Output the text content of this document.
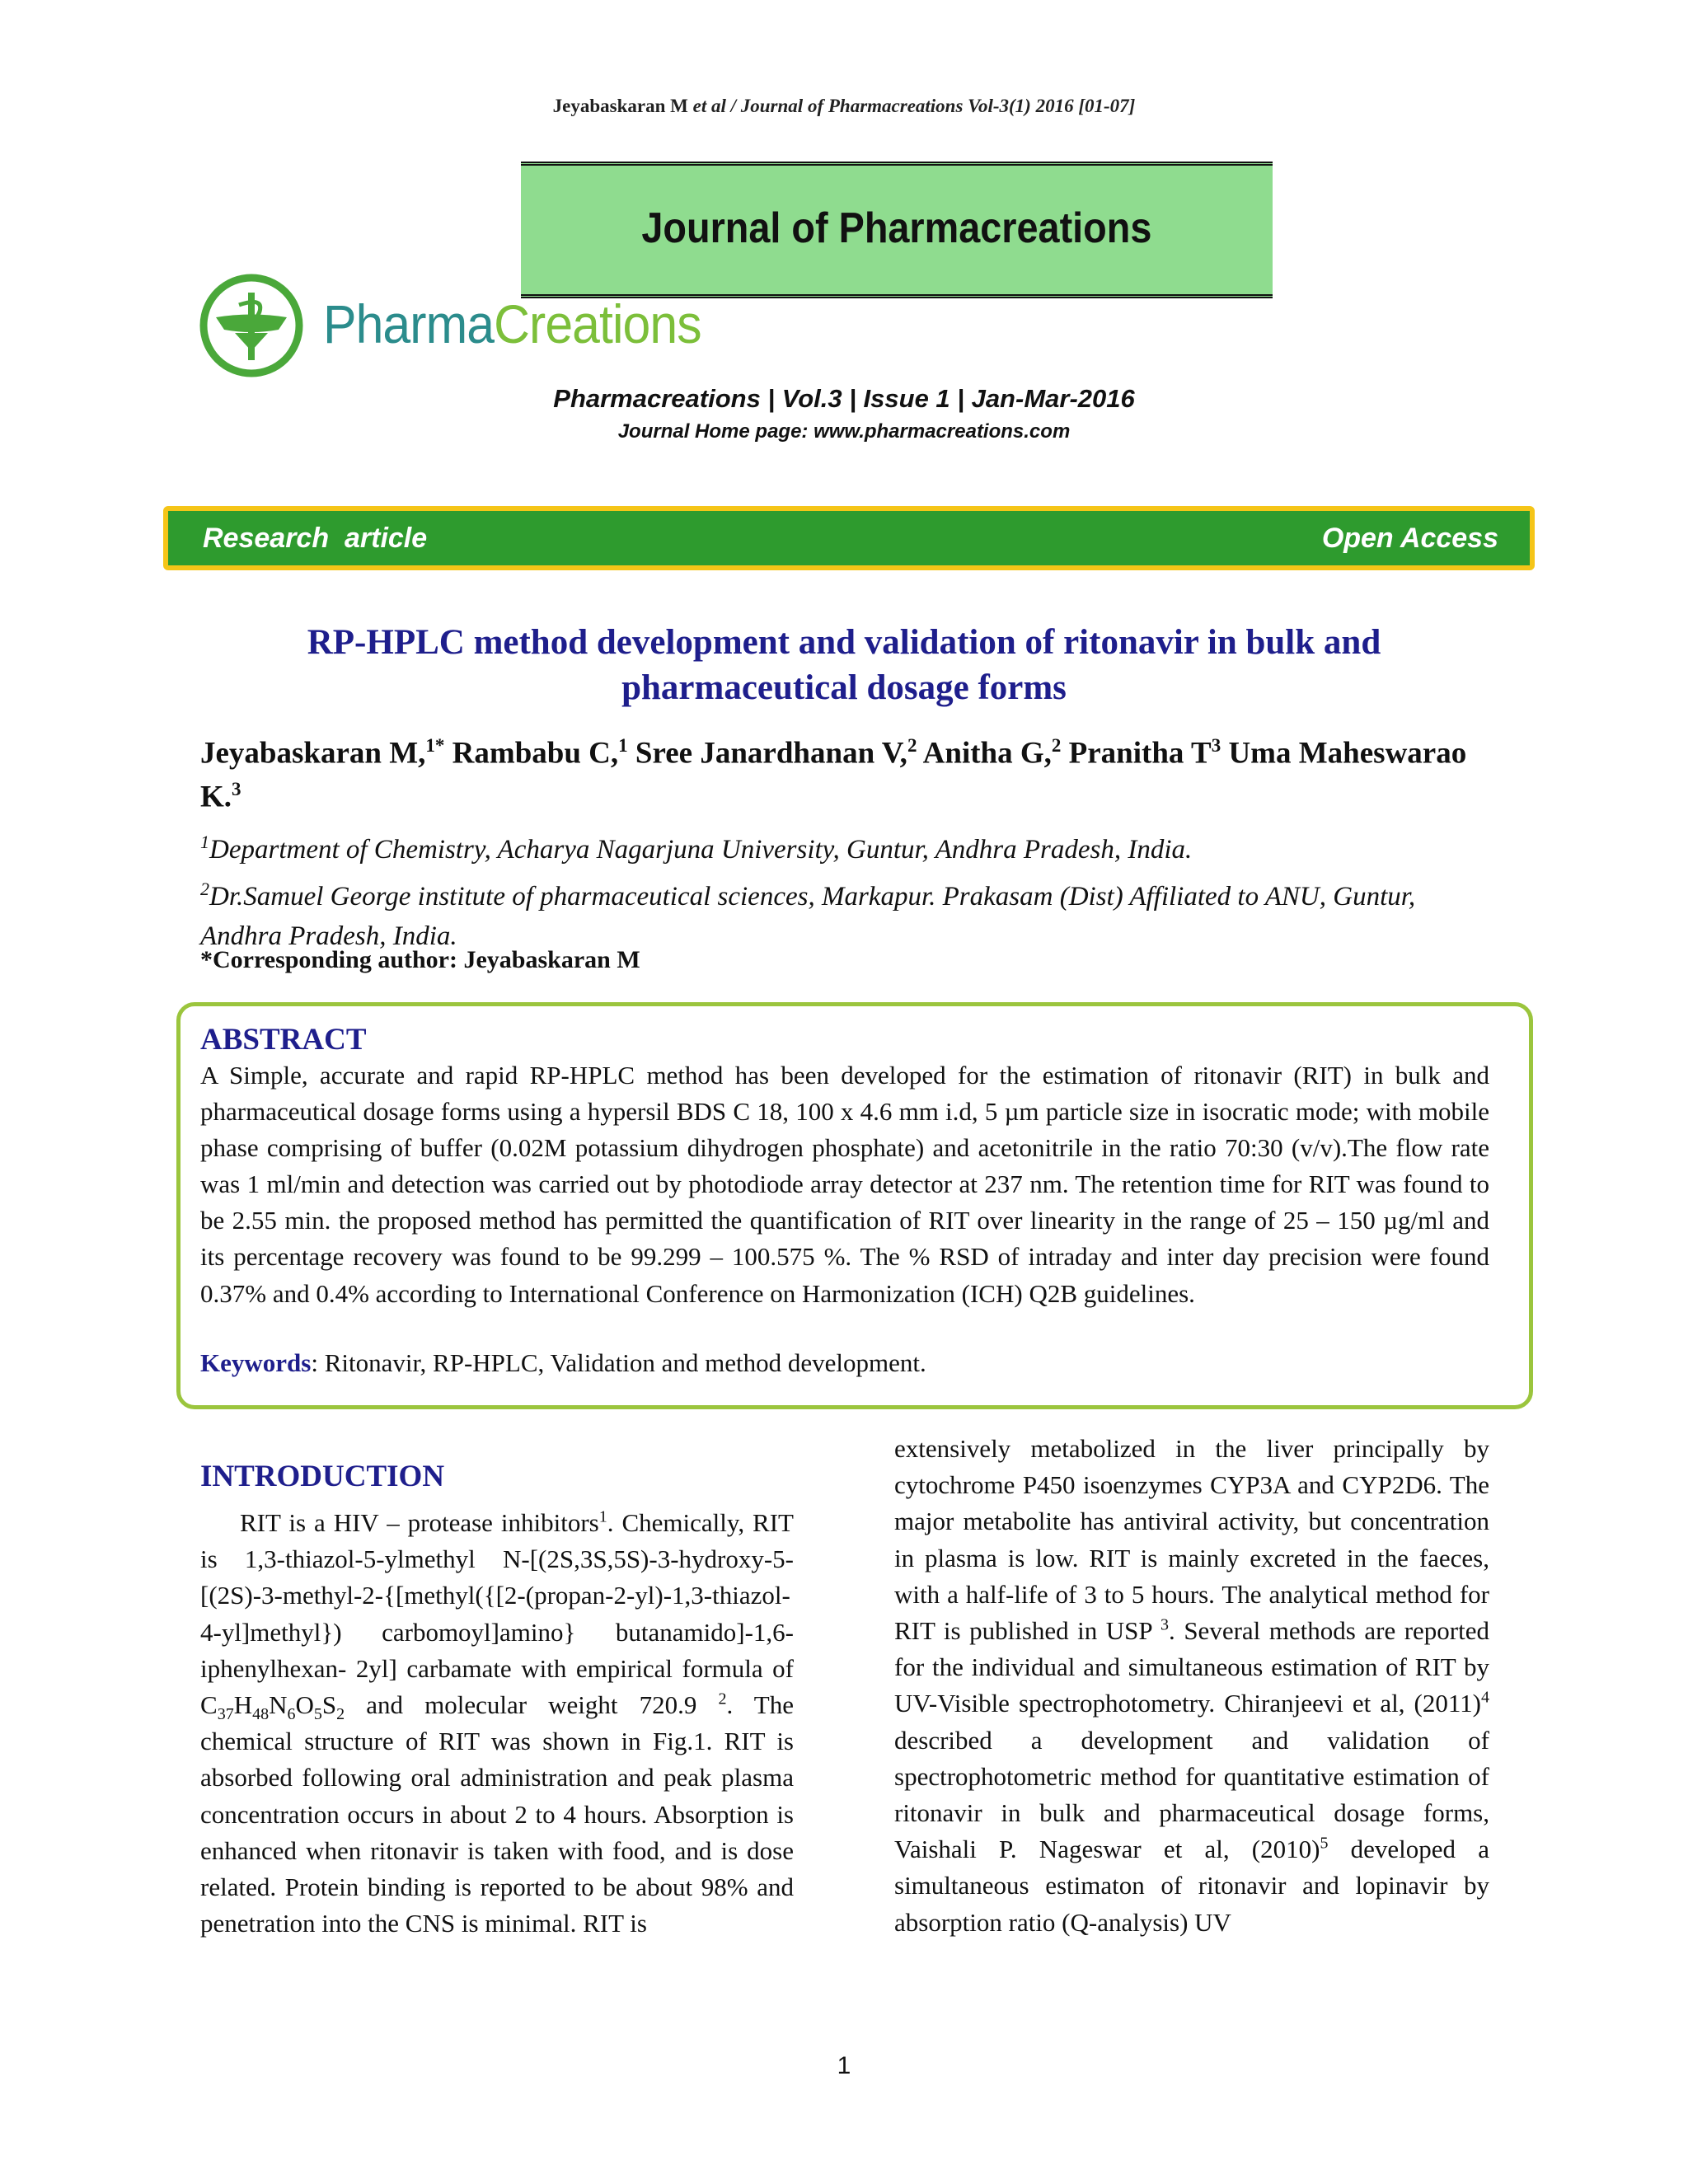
Jeyabaskaran M et al / Journal of Pharmacreations Vol-3(1) 2016 [01-07]
Journal of Pharmacreations
PharmaCreations
Pharmacreations | Vol.3 | Issue 1 | Jan-Mar-2016
Journal Home page: www.pharmacreations.com
Research  article	Open Access
RP-HPLC method development and validation of ritonavir in bulk and
pharmaceutical dosage forms
Jeyabaskaran M,$^{1*}$ Rambabu C,$^1$ Sree Janardhanan V,$^2$ Anitha G,$^2$ Pranitha $T^3$ Uma Maheswarao K.$^3$
$^1$Department of Chemistry, Acharya Nagarjuna University, Guntur, Andhra Pradesh, India.
$^2$Dr.Samuel George institute of pharmaceutical sciences, Markapur. Prakasam (Dist) Affiliated to ANU, Guntur, Andhra Pradesh, India.
*Corresponding author: Jeyabaskaran M
ABSTRACT
A Simple, accurate and rapid RP-HPLC method has been developed for the estimation of ritonavir (RIT) in bulk and pharmaceutical dosage forms using a hypersil BDS C 18, 100 x 4.6 mm i.d, 5 µm particle size in isocratic mode; with mobile phase comprising of buffer (0.02M potassium dihydrogen phosphate) and acetonitrile in the ratio 70:30 (v/v).The flow rate was 1 ml/min and detection was carried out by photodiode array detector at 237 nm. The retention time for RIT was found to be 2.55 min. the proposed method has permitted the quantification of RIT over linearity in the range of 25 – 150 µg/ml and its percentage recovery was found to be 99.299 – 100.575 %. The % RSD of intraday and inter day precision were found 0.37% and 0.4% according to International Conference on Harmonization (ICH) Q2B guidelines.
Keywords: Ritonavir, RP-HPLC, Validation and method development.
INTRODUCTION
RIT is a HIV – protease inhibitors$^1$. Chemically, RIT is 1,3-thiazol-5-ylmethyl N-[(2S,3S,5S)-3-hydroxy-5-[(2S)-3-methyl-2-{[methyl({[2-(propan-2-yl)-1,3-thiazol-4-yl]methyl}) carbomoyl]amino} butanamido]-1,6- iphenylhexan- 2yl] carbamate with empirical formula of $C_{37}H_{48}N_6O_5S_2$ and molecular weight 720.9 $^2$. The chemical structure of RIT was shown in Fig.1. RIT is absorbed following oral administration and peak plasma concentration occurs in about 2 to 4 hours. Absorption is enhanced when ritonavir is taken with food, and is dose related. Protein binding is reported to be about 98% and penetration into the CNS is minimal. RIT is
extensively metabolized in the liver principally by cytochrome P450 isoenzymes CYP3A and CYP2D6. The major metabolite has antiviral activity, but concentration in plasma is low. RIT is mainly excreted in the faeces, with a half-life of 3 to 5 hours. The analytical method for RIT is published in USP $^3$. Several methods are reported for the individual and simultaneous estimation of RIT by UV-Visible spectrophotometry. Chiranjeevi et al, $(2011)^4$ described a development and validation of spectrophotometric method for quantitative estimation of ritonavir in bulk and pharmaceutical dosage forms, Vaishali P. Nageswar et al, $(2010)^5$ developed a simultaneous estimaton of ritonavir and lopinavir by absorption ratio (Q-analysis) UV
1
